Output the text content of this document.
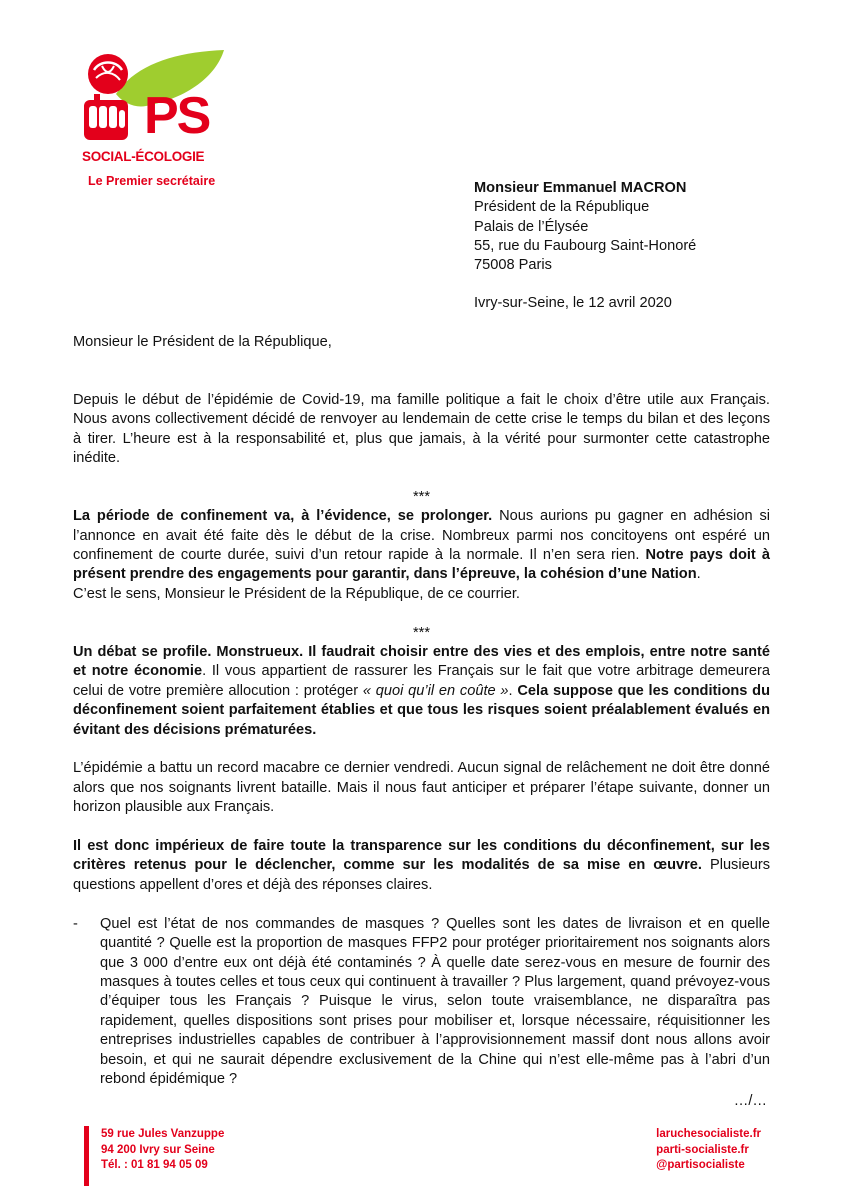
PS
SOCIAL-ÉCOLOGIE
Le Premier secrétaire	Monsieur Emmanuel MACRON
Président de la République
Palais de l’Élysée
55, rue du Faubourg Saint-Honoré
75008 Paris
Ivry-sur-Seine, le 12 avril 2020

Monsieur le Président de la République,

Depuis le début de l’épidémie de Covid-19, ma famille politique a fait le choix d’être utile aux Français. Nous avons collectivement décidé de renvoyer au lendemain de cette crise le temps du bilan et des leçons à tirer. L’heure est à la responsabilité et, plus que jamais, à la vérité pour surmonter cette catastrophe inédite.

***

La période de confinement va, à l’évidence, se prolonger. Nous aurions pu gagner en adhésion si l’annonce en avait été faite dès le début de la crise. Nombreux parmi nos concitoyens ont espéré un confinement de courte durée, suivi d’un retour rapide à la normale. Il n’en sera rien. Notre pays doit à présent prendre des engagements pour garantir, dans l’épreuve, la cohésion d’une Nation.

C’est le sens, Monsieur le Président de la République, de ce courrier.

***

Un débat se profile. Monstrueux. Il faudrait choisir entre des vies et des emplois, entre notre santé et notre économie. Il vous appartient de rassurer les Français sur le fait que votre arbitrage demeurera celui de votre première allocution : protéger « quoi qu’il en coûte ». Cela suppose que les conditions du déconfinement soient parfaitement établies et que tous les risques soient préalablement évalués en évitant des décisions prématurées.

L’épidémie a battu un record macabre ce dernier vendredi. Aucun signal de relâchement ne doit être donné alors que nos soignants livrent bataille. Mais il nous faut anticiper et préparer l’étape suivante, donner un horizon plausible aux Français.

Il est donc impérieux de faire toute la transparence sur les conditions du déconfinement, sur les critères retenus pour le déclencher, comme sur les modalités de sa mise en œuvre. Plusieurs questions appellent d’ores et déjà des réponses claires.

-	Quel est l’état de nos commandes de masques ? Quelles sont les dates de livraison et en quelle quantité ? Quelle est la proportion de masques FFP2 pour protéger prioritairement nos soignants alors que 3 000 d’entre eux ont déjà été contaminés ? À quelle date serez-vous en mesure de fournir des masques à toutes celles et tous ceux qui continuent à travailler ? Plus largement, quand prévoyez-vous d’équiper tous les Français ? Puisque le virus, selon toute vraisemblance, ne disparaîtra pas rapidement, quelles dispositions sont prises pour mobiliser et, lorsque nécessaire, réquisitionner les entreprises industrielles capables de contribuer à l’approvisionnement massif dont nous allons avoir besoin, et qui ne saurait dépendre exclusivement de la Chine qui n’est elle-même pas à l’abri d’un rebond épidémique ?
…/…
59 rue Jules Vanzuppe
94 200 Ivry sur Seine
Tél. : 01 81 94 05 09
laruchesocialiste.fr
parti-socialiste.fr
@partisocialiste
